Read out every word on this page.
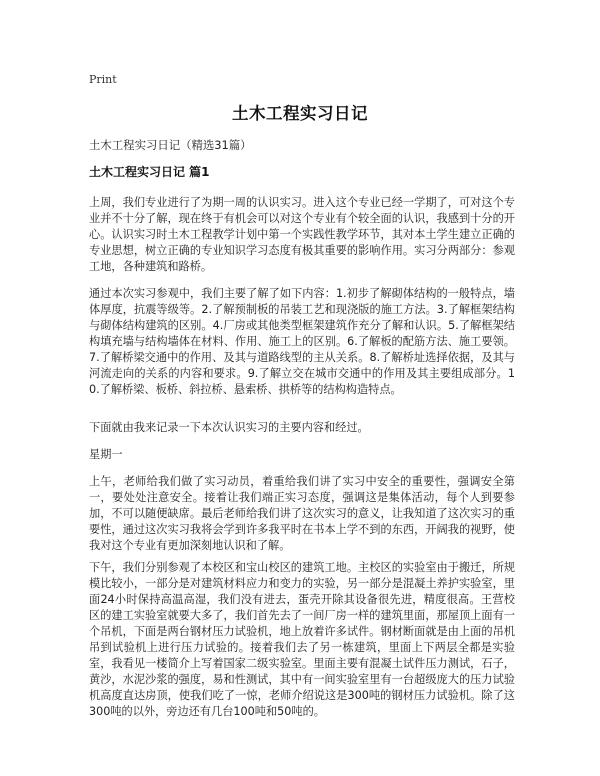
Print
土木工程实习日记
土木工程实习日记（精选31篇）
土木工程实习日记 篇1

上周，我们专业进行了为期一周的认识实习。进入这个专业已经一学期了，可对这个专业并不十分了解，现在终于有机会可以对这个专业有个较全面的认识，我感到十分的开心。认识实习时土木工程教学计划中第一个实践性教学环节，其对本土学生建立正确的专业思想，树立正确的专业知识学习态度有极其重要的影响作用。实习分两部分：参观工地，各种建筑和路桥。

通过本次实习参观中，我们主要了解了如下内容：1.初步了解砌体结构的一般特点，墙体厚度，抗震等级等。2.了解预制板的吊装工艺和现浇版的施工方法。3.了解框架结构与砌体结构建筑的区别。4.厂房或其他类型框架建筑作充分了解和认识。5.了解框架结构填充墙与结构墙体在材料、作用、施工上的区别。6.了解板的配筋方法、施工要领。7.了解桥梁交通中的作用、及其与道路线型的主从关系。8.了解桥址选择依据，及其与河流走向的关系的内容和要求。9.了解立交在城市交通中的作用及其主要组成部分。10.了解桥梁、板桥、斜拉桥、悬索桥、拱桥等的结构构造特点。

下面就由我来记录一下本次认识实习的主要内容和经过。

星期一

上午，老师给我们做了实习动员，着重给我们讲了实习中安全的重要性，强调安全第一，要处处注意安全。接着让我们端正实习态度，强调这是集体活动，每个人到要参加，不可以随便缺席。最后老师给我们讲了这次实习的意义，让我知道了这次实习的重要性，通过这次实习我将会学到许多我平时在书本上学不到的东西，开阔我的视野，使我对这个专业有更加深刻地认识和了解。

下午，我们分别参观了本校区和宝山校区的建筑工地。主校区的实验室由于搬迁，所规模比较小，一部分是对建筑材料应力和变力的实验，另一部分是混凝土养护实验室，里面24小时保持高温高湿，我们没有进去，蛋壳开除其设备很先进，精度很高。王营校区的建工实验室就要大多了，我们首先去了一间厂房一样的建筑里面，那屋顶上面有一个吊机，下面是两台钢材压力试验机，地上放着许多试件。钢材断面就是由上面的吊机吊到试验机上进行压力试验的。接着我们去了另一栋建筑，里面上下两层全都是实验室，我看见一楼简介上写着国家二级实验室。里面主要有混凝土试件压力测试，石子，黄沙，水泥沙浆的强度，易和性测试，其中有一间实验室里有一台超级庞大的压力试验机高度直达房顶，使我们吃了一惊，老师介绍说这是300吨的钢材压力试验机。除了这300吨的以外，旁边还有几台100吨和50吨的。
